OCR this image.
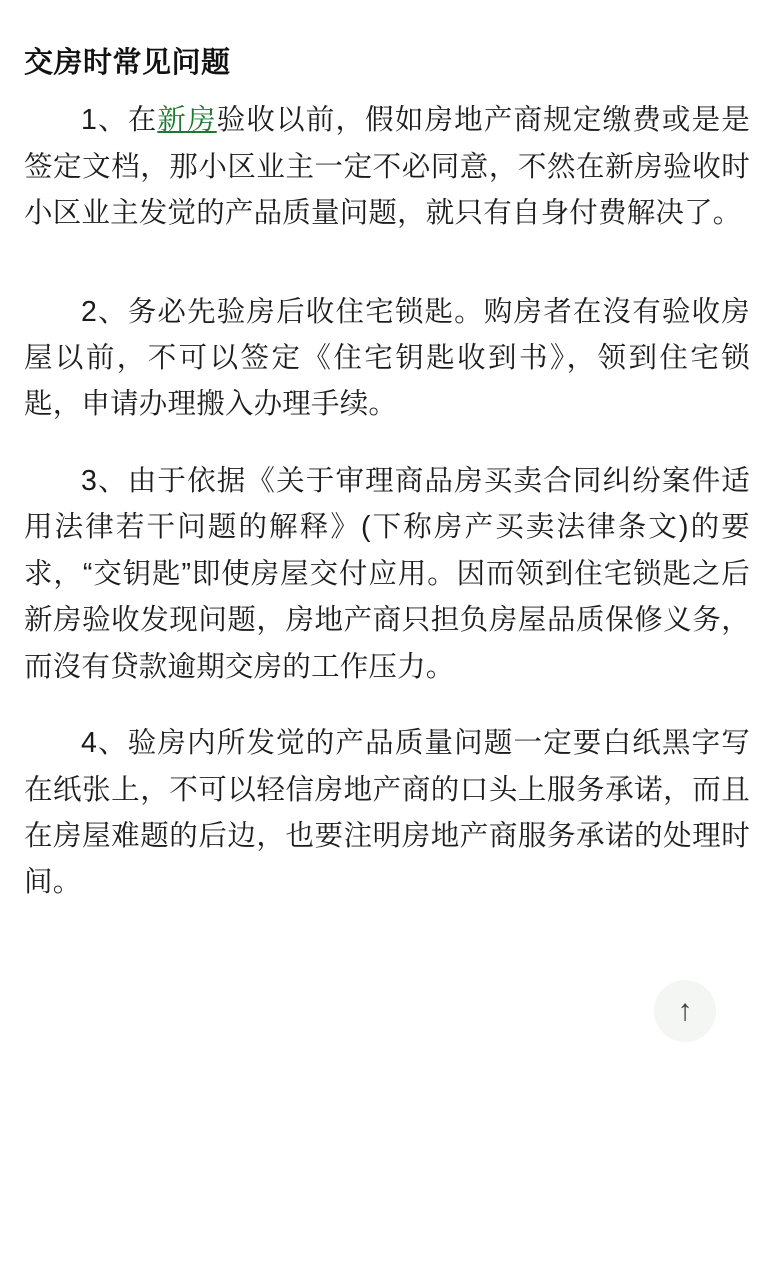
交房时常见问题

1、在新房验收以前，假如房地产商规定缴费或是是签定文档，那小区业主一定不必同意，不然在新房验收时小区业主发觉的产品质量问题，就只有自身付费解决了。

2、务必先验房后收住宅锁匙。购房者在沒有验收房屋以前，不可以签定《住宅钥匙收到书》，领到住宅锁匙，申请办理搬入办理手续。

3、由于依据《关于审理商品房买卖合同纠纷案件适用法律若干问题的解释》(下称房产买卖法律条文)的要求，“交钥匙”即使房屋交付应用。因而领到住宅锁匙之后新房验收发现问题，房地产商只担负房屋品质保修义务，而沒有贷款逾期交房的工作压力。

4、验房内所发觉的产品质量问题一定要白纸黑字写在纸张上，不可以轻信房地产商的口头上服务承诺，而且在房屋难题的后边，也要注明房地产商服务承诺的处理时间。

↑
